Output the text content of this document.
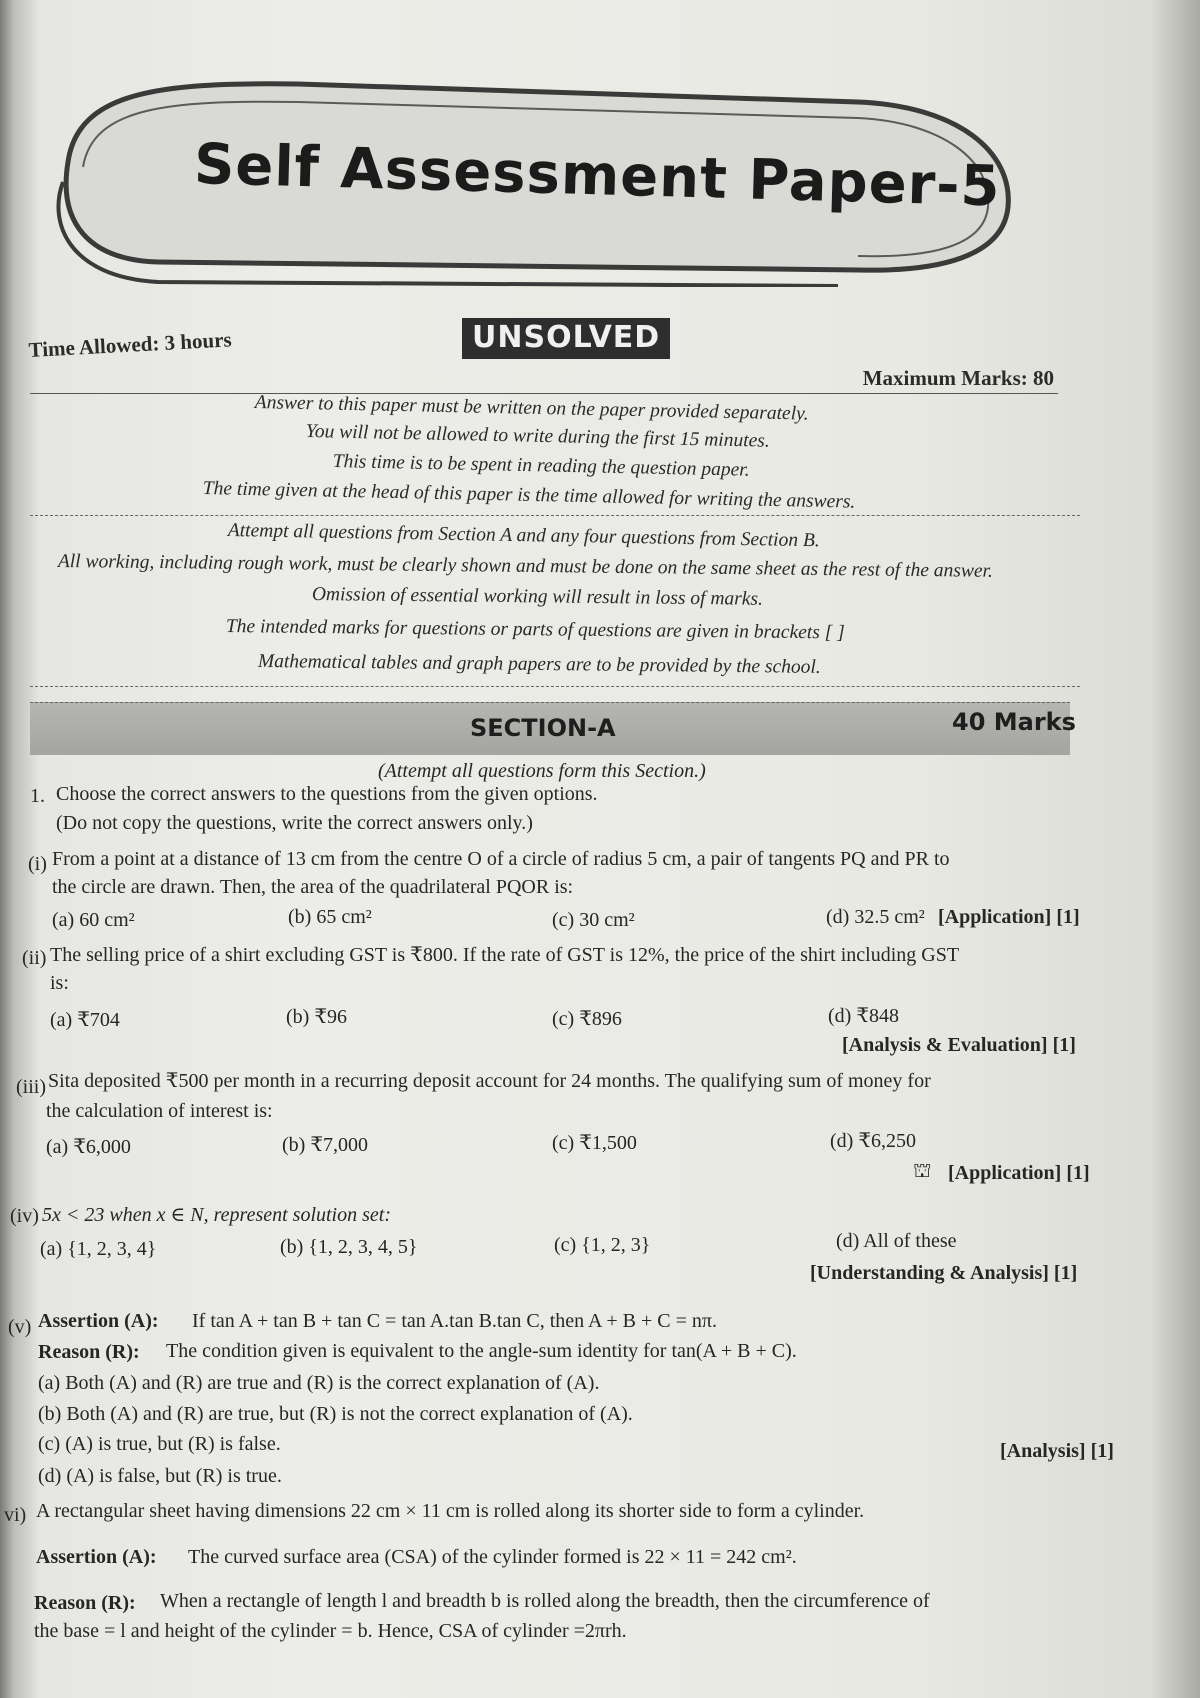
Self Assessment Paper-5
UNSOLVED
Time Allowed: 3 hours
Maximum Marks: 80
Answer to this paper must be written on the paper provided separately.
You will not be allowed to write during the first 15 minutes.
This time is to be spent in reading the question paper.
The time given at the head of this paper is the time allowed for writing the answers.
Attempt all questions from Section A and any four questions from Section B.
All working, including rough work, must be clearly shown and must be done on the same sheet as the rest of the answer.
Omission of essential working will result in loss of marks.
The intended marks for questions or parts of questions are given in brackets [ ]
Mathematical tables and graph papers are to be provided by the school.
SECTION-A	40 Marks
(Attempt all questions form this Section.)
1. Choose the correct answers to the questions from the given options.
(Do not copy the questions, write the correct answers only.)
(i) From a point at a distance of 13 cm from the centre O of a circle of radius 5 cm, a pair of tangents PQ and PR to
the circle are drawn. Then, the area of the quadrilateral PQOR is:
(a) 60 cm²	(b) 65 cm²	(c) 30 cm²	(d) 32.5 cm² [Application] [1]
(ii) The selling price of a shirt excluding GST is ₹800. If the rate of GST is 12%, the price of the shirt including GST
is:
(a) ₹704	(b) ₹96	(c) ₹896	(d) ₹848
[Analysis & Evaluation] [1]
(iii) Sita deposited ₹500 per month in a recurring deposit account for 24 months. The qualifying sum of money for
the calculation of interest is:
(a) ₹6,000	(b) ₹7,000	(c) ₹1,500	(d) ₹6,250
⛫ [Application] [1]
(iv) 5x < 23 when x ∈ N, represent solution set:
(a) {1, 2, 3, 4}	(b) {1, 2, 3, 4, 5}	(c) {1, 2, 3}	(d) All of these
[Understanding & Analysis] [1]
(v) Assertion (A): If tan A + tan B + tan C = tan A.tan B.tan C, then A + B + C = nπ.
Reason (R): The condition given is equivalent to the angle-sum identity for tan(A + B + C).
(a) Both (A) and (R) are true and (R) is the correct explanation of (A).
(b) Both (A) and (R) are true, but (R) is not the correct explanation of (A).
(c) (A) is true, but (R) is false.
(d) (A) is false, but (R) is true.
[Analysis] [1]
vi) A rectangular sheet having dimensions 22 cm × 11 cm is rolled along its shorter side to form a cylinder.
Assertion (A): The curved surface area (CSA) of the cylinder formed is 22 × 11 = 242 cm².
Reason (R): When a rectangle of length l and breadth b is rolled along the breadth, then the circumference of
the base = l and height of the cylinder = b. Hence, CSA of cylinder =2πrh.
